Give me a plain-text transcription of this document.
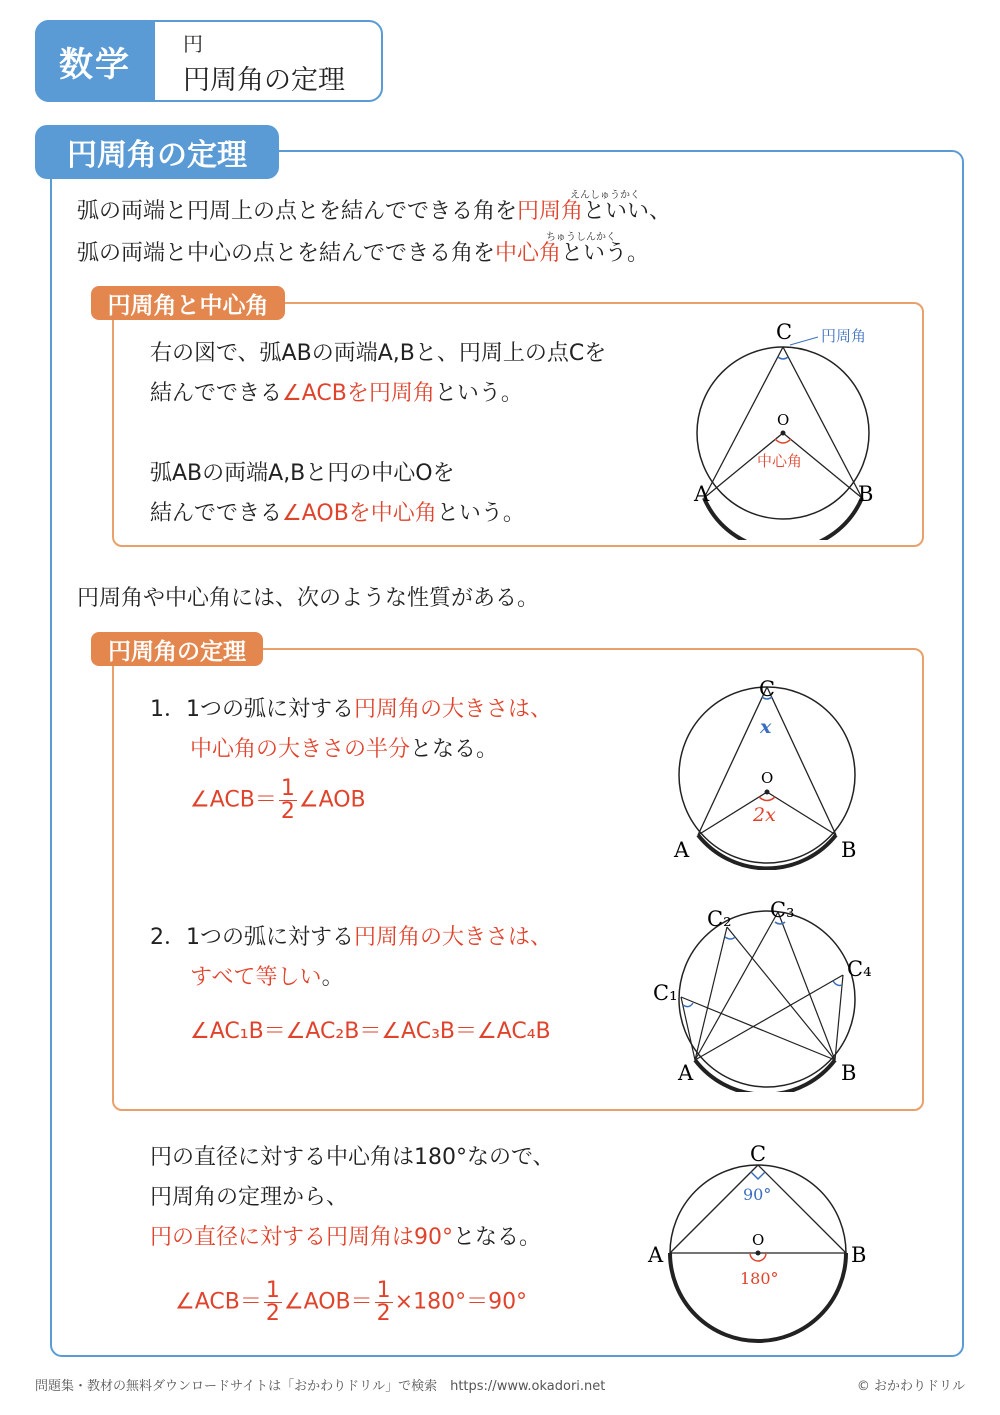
数学
円
円周角の定理
円周角の定理
えんしゅうかく
弧の両端と円周上の点とを結んでできる角を円周角といい、
ちゅうしんかく
弧の両端と中心の点とを結んでできる角を中心角という。
円周角と中心角
右の図で、弧ABの両端A,Bと、円周上の点Cを
結んでできる∠ACBを円周角という。
弧ABの両端A,Bと円の中心Oを
結んでできる∠AOBを中心角という。
C
O
A	B
円周角
中心角
円周角や中心角には、次のような性質がある。
円周角の定理
1．1つの弧に対する円周角の大きさは、
中心角の大きさの半分となる。
∠ACB＝ $\frac{1}{2}$ ∠AOB
C
O
x
2x
A	B
2．1つの弧に対する円周角の大きさは、
すべて等しい。
∠AC₁B＝∠AC₂B＝∠AC₃B＝∠AC₄B
C₁
C₂ C₃
C₄
A	B
円の直径に対する中心角は180°なので、
円周角の定理から、
円の直径に対する円周角は90°となる。
∠ACB＝ $\frac{1}{2}$ ∠AOB＝ $\frac{1}{2} \times 180^\circ=90^\circ$
C
O
90°
180°
A	B
問題集・教材の無料ダウンロードサイトは「おかわりドリル」で検索　https://www.okadori.net	© おかわりドリル
